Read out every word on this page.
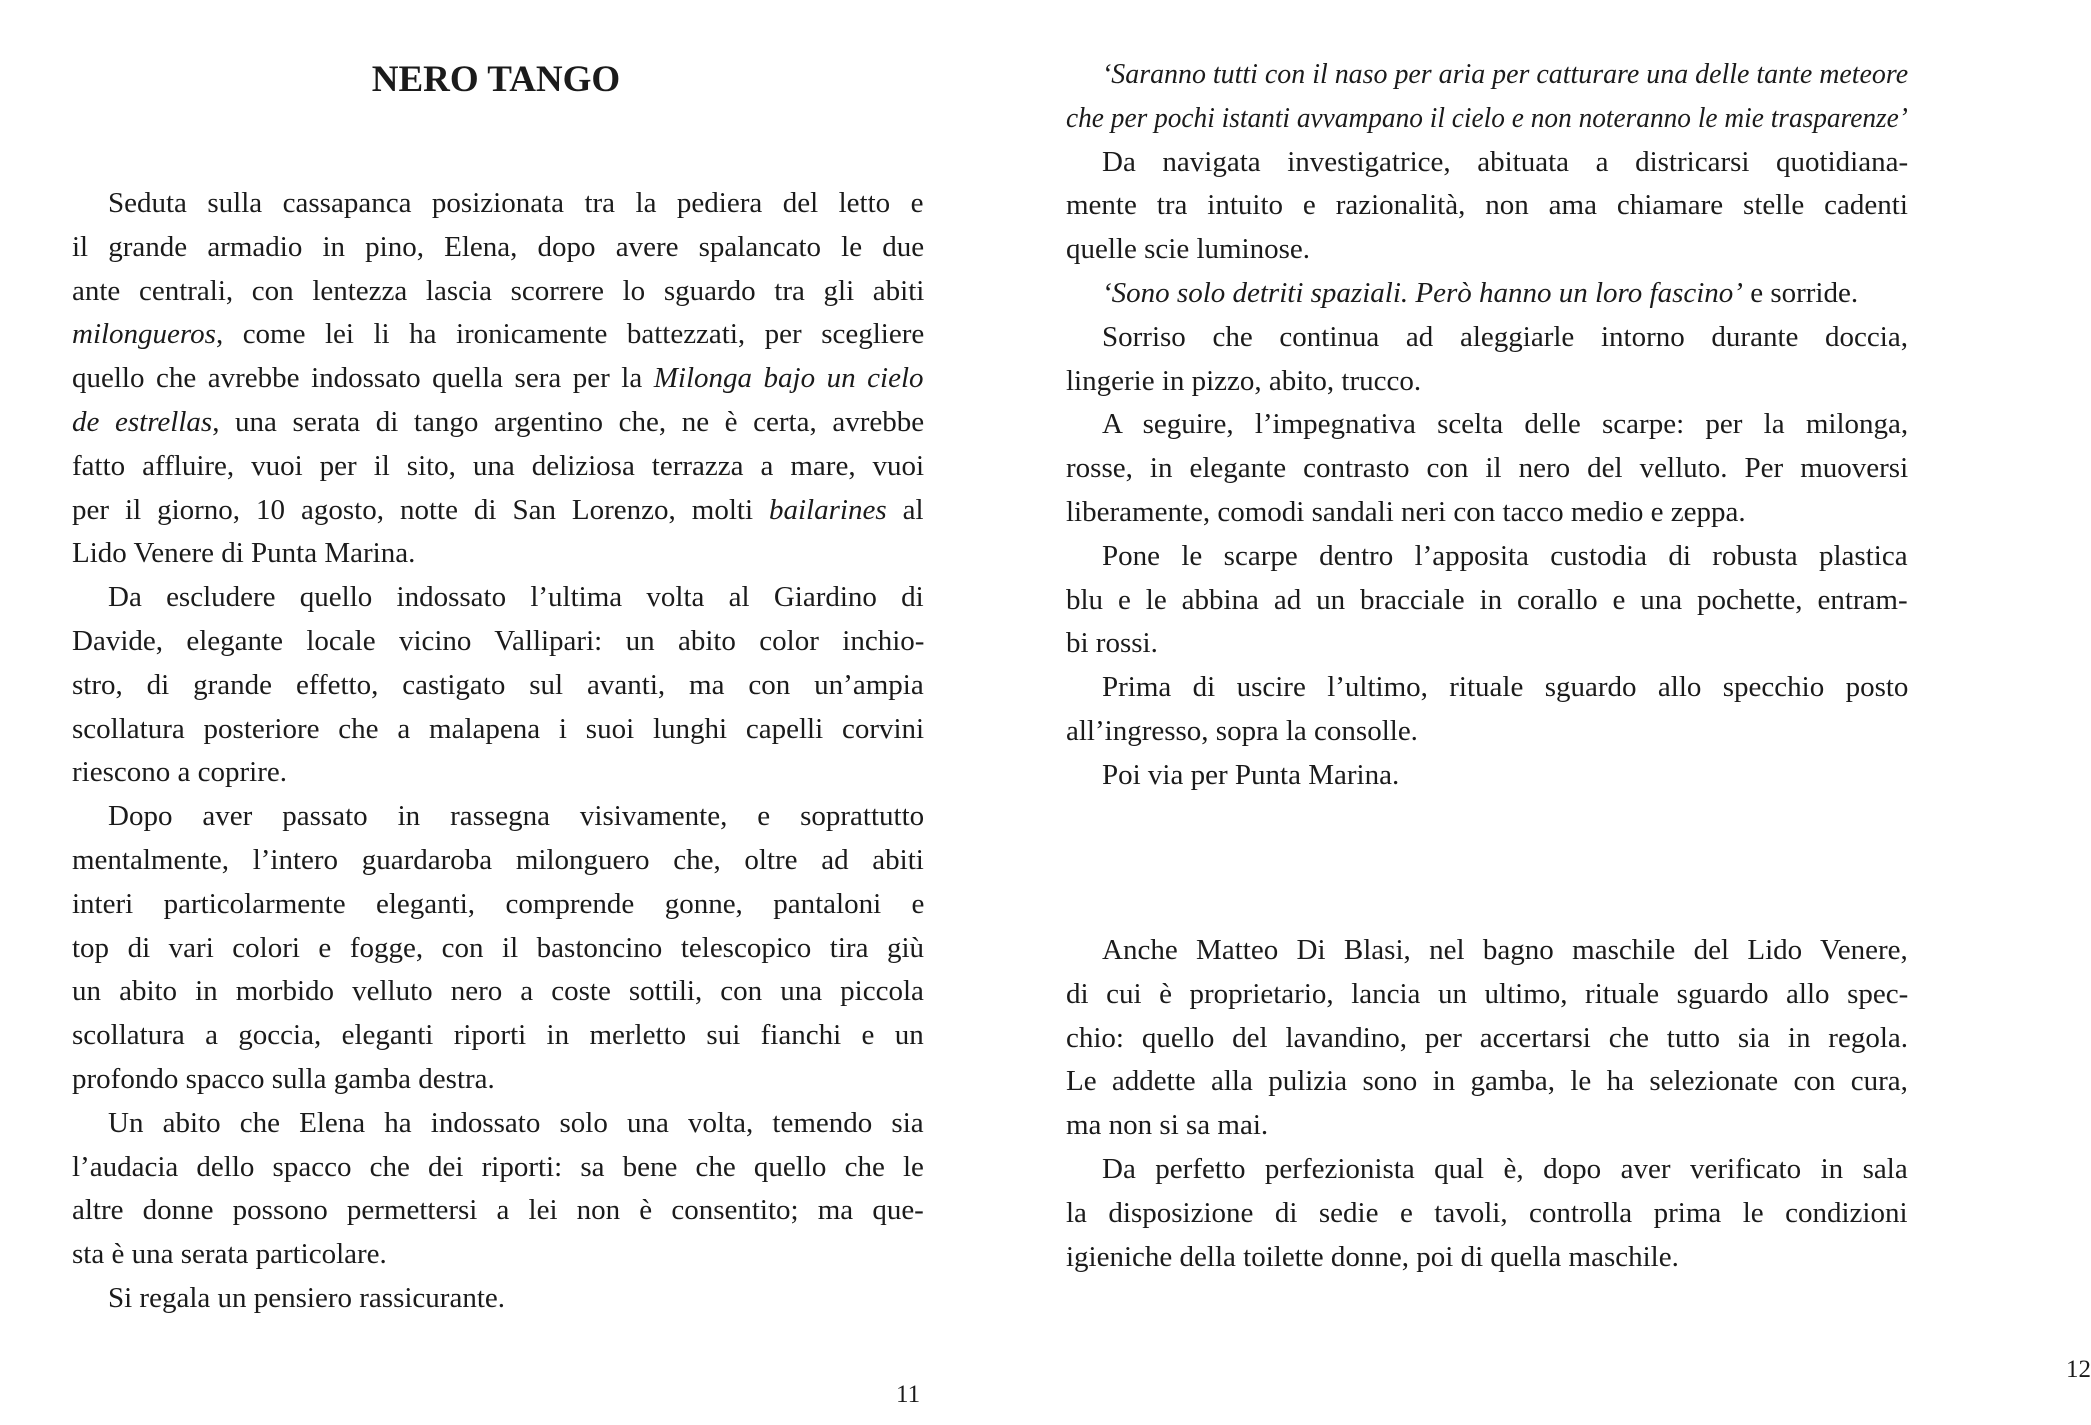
NERO TANGO
Seduta sulla cassapanca posizionata tra la pediera del letto e
il grande armadio in pino, Elena, dopo avere spalancato le due
ante centrali, con lentezza lascia scorrere lo sguardo tra gli abiti
milongueros, come lei li ha ironicamente battezzati, per scegliere
quello che avrebbe indossato quella sera per la Milonga bajo un cielo
de estrellas, una serata di tango argentino che, ne è certa, avrebbe
fatto affluire, vuoi per il sito, una deliziosa terrazza a mare, vuoi
per il giorno, 10 agosto, notte di San Lorenzo, molti bailarines al
Lido Venere di Punta Marina.
Da escludere quello indossato l’ultima volta al Giardino di
Davide, elegante locale vicino Vallipari: un abito color inchio-
stro, di grande effetto, castigato sul avanti, ma con un’ampia
scollatura posteriore che a malapena i suoi lunghi capelli corvini
riescono a coprire.
Dopo aver passato in rassegna visivamente, e soprattutto
mentalmente, l’intero guardaroba milonguero che, oltre ad abiti
interi particolarmente eleganti, comprende gonne, pantaloni e
top di vari colori e fogge, con il bastoncino telescopico tira giù
un abito in morbido velluto nero a coste sottili, con una piccola
scollatura a goccia, eleganti riporti in merletto sui fianchi e un
profondo spacco sulla gamba destra.
Un abito che Elena ha indossato solo una volta, temendo sia
l’audacia dello spacco che dei riporti: sa bene che quello che le
altre donne possono permettersi a lei non è consentito; ma que-
sta è una serata particolare.
Si regala un pensiero rassicurante.
11
‘Saranno tutti con il naso per aria per catturare una delle tante meteore
che per pochi istanti avvampano il cielo e non noteranno le mie trasparenze’
Da navigata investigatrice, abituata a districarsi quotidiana-
mente tra intuito e razionalità, non ama chiamare stelle cadenti
quelle scie luminose.
‘Sono solo detriti spaziali. Però hanno un loro fascino’ e sorride.
Sorriso che continua ad aleggiarle intorno durante doccia,
lingerie in pizzo, abito, trucco.
A seguire, l’impegnativa scelta delle scarpe: per la milonga,
rosse, in elegante contrasto con il nero del velluto. Per muoversi
liberamente, comodi sandali neri con tacco medio e zeppa.
Pone le scarpe dentro l’apposita custodia di robusta plastica
blu e le abbina ad un bracciale in corallo e una pochette, entram-
bi rossi.
Prima di uscire l’ultimo, rituale sguardo allo specchio posto
all’ingresso, sopra la consolle.
Poi via per Punta Marina.
Anche Matteo Di Blasi, nel bagno maschile del Lido Venere,
di cui è proprietario, lancia un ultimo, rituale sguardo allo spec-
chio: quello del lavandino, per accertarsi che tutto sia in regola.
Le addette alla pulizia sono in gamba, le ha selezionate con cura,
ma non si sa mai.
Da perfetto perfezionista qual è, dopo aver verificato in sala
la disposizione di sedie e tavoli, controlla prima le condizioni
igieniche della toilette donne, poi di quella maschile.
12
